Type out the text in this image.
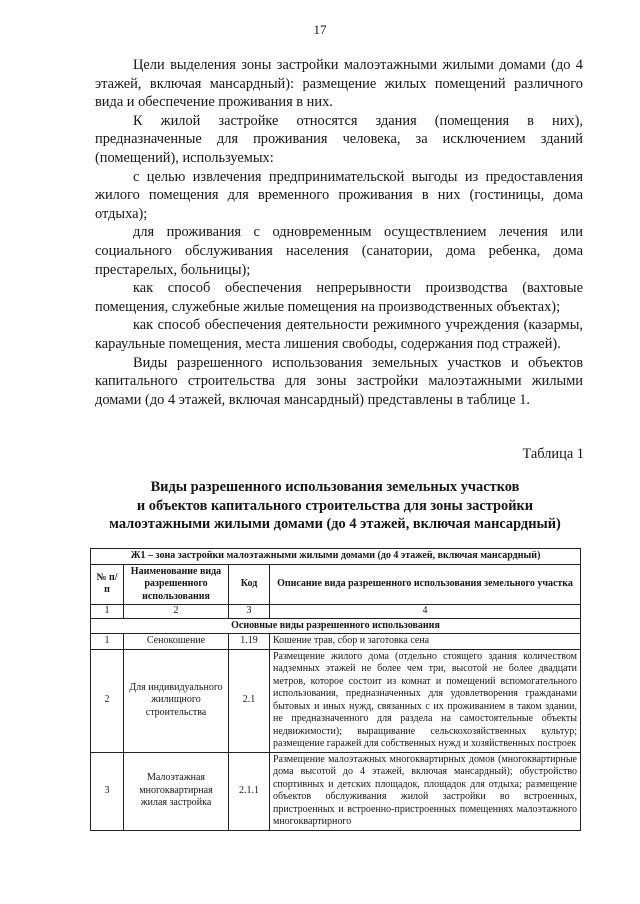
17

Цели выделения зоны застройки малоэтажными жилыми домами (до 4 этажей, включая мансардный): размещение жилых помещений различного вида и обеспечение проживания в них.

К жилой застройке относятся здания (помещения в них), предназначенные для проживания человека, за исключением зданий (помещений), используемых:

с целью извлечения предпринимательской выгоды из предоставления жилого помещения для временного проживания в них (гостиницы, дома отдыха);

для проживания с одновременным осуществлением лечения или социального обслуживания населения (санатории, дома ребенка, дома престарелых, больницы);

как способ обеспечения непрерывности производства (вахтовые помещения, служебные жилые помещения на производственных объектах);

как способ обеспечения деятельности режимного учреждения (казармы, караульные помещения, места лишения свободы, содержания под стражей).

Виды разрешенного использования земельных участков и объектов капитального строительства для зоны застройки малоэтажными жилыми домами (до 4 этажей, включая мансардный) представлены в таблице 1.

Таблица 1
Виды разрешенного использования земельных участков
и объектов капитального строительства для зоны застройки
малоэтажными жилыми домами (до 4 этажей, включая мансардный)
Ж1 – зона застройки малоэтажными жилыми домами (до 4 этажей, включая мансардный)			
№ п/п	Наименование вида разрешенного использования	Код	Описание вида разрешенного использования земельного участка
1	2	3	4
Основные виды разрешенного использования			
1	Сенокошение	1.19	Кошение трав, сбор и заготовка сена
2	Для индивидуального жилищного строительства	2.1	Размещение жилого дома (отдельно стоящего здания количеством надземных этажей не более чем три, высотой не более двадцати метров, которое состоит из комнат и помещений вспомогательного использования, предназначенных для удовлетворения гражданами бытовых и иных нужд, связанных с их проживанием в таком здании, не предназначенного для раздела на самостоятельные объекты недвижимости); выращивание сельскохозяйственных культур; размещение гаражей для собственных нужд и хозяйственных построек
3	Малоэтажная многоквартирная жилая застройка	2.1.1	Размещение малоэтажных многоквартирных домов (многоквартирные дома высотой до 4 этажей, включая мансардный); обустройство спортивных и детских площадок, площадок для отдыха; размещение объектов обслуживания жилой застройки во встроенных, пристроенных и встроенно-пристроенных помещениях малоэтажного многоквартирного
